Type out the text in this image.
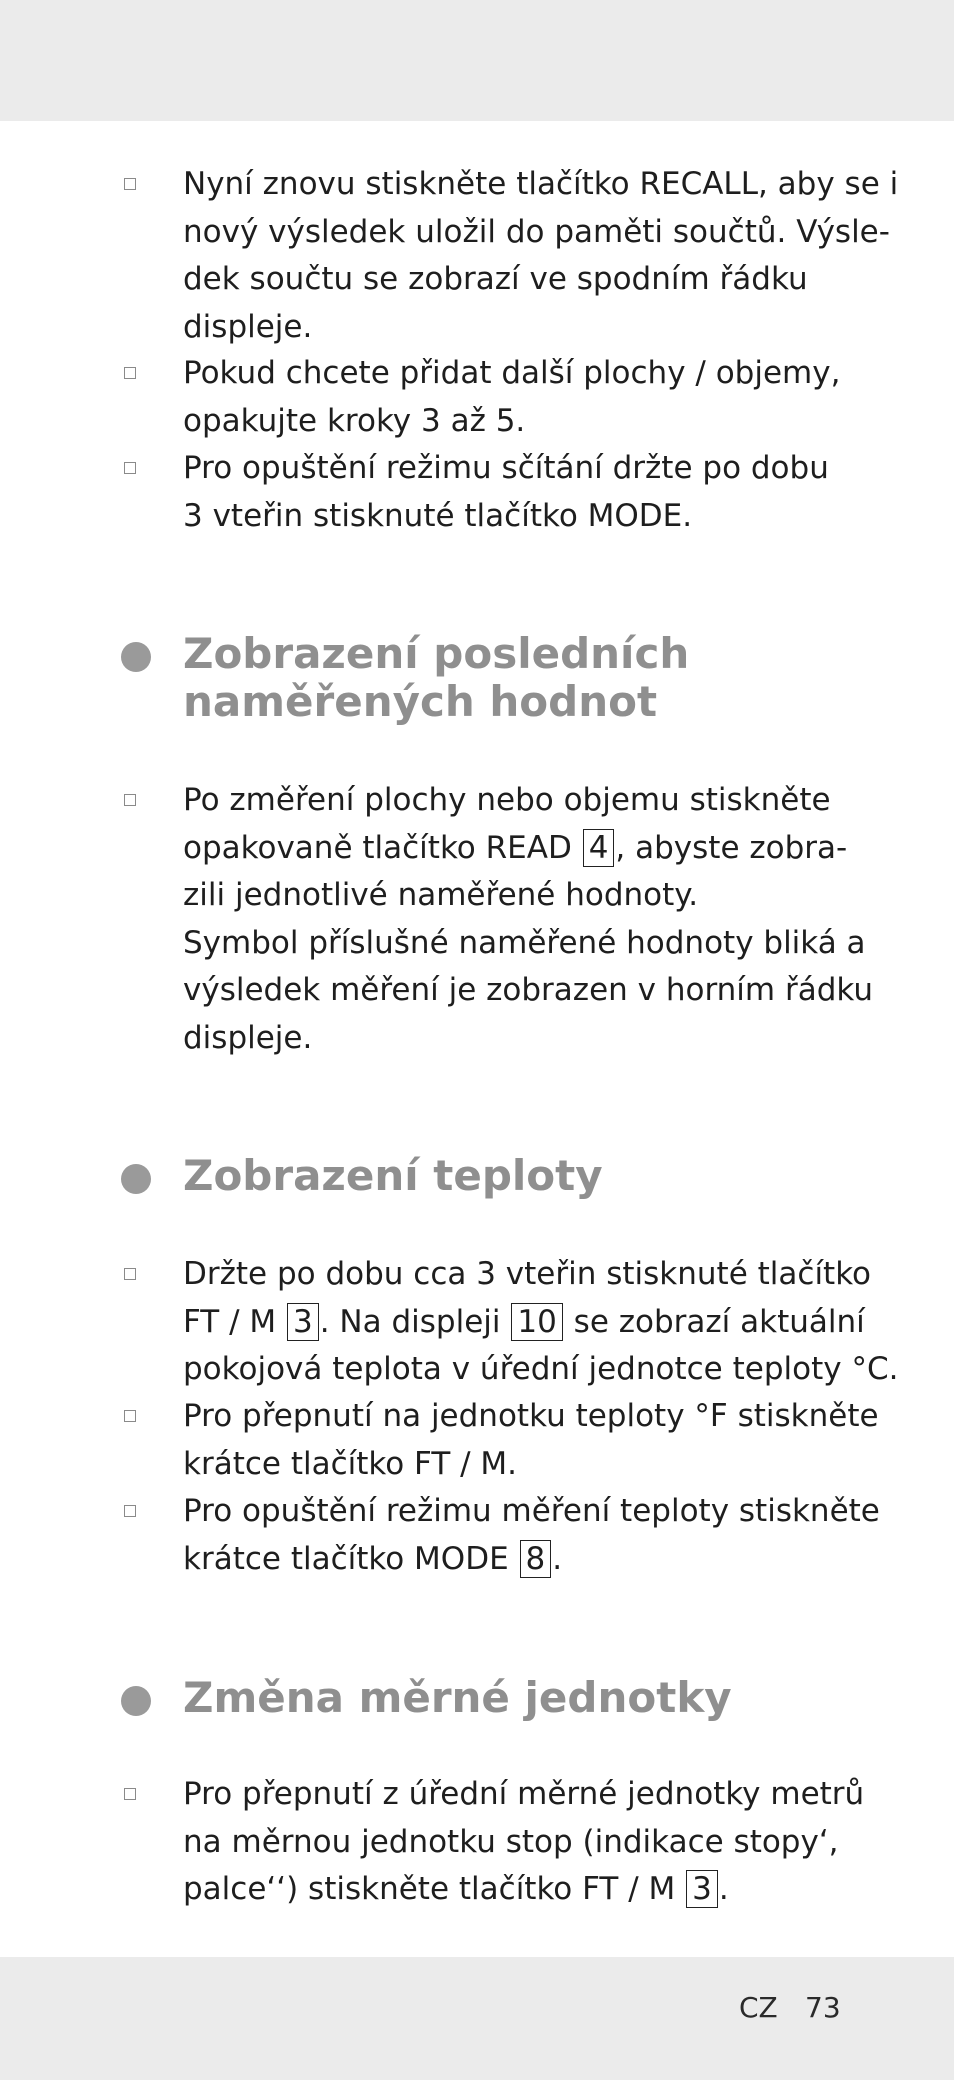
Nyní znovu stiskněte tlačítko RECALL, aby se i
nový výsledek uložil do paměti součtů. Výsle-
dek součtu se zobrazí ve spodním řádku
displeje.
Pokud chcete přidat další plochy / objemy,
opakujte kroky 3 až 5.
Pro opuštění režimu sčítání držte po dobu
3 vteřin stisknuté tlačítko MODE.
Zobrazení posledních
naměřených hodnot
Po změření plochy nebo objemu stiskněte
opakovaně tlačítko READ 4 , abyste zobra-
zili jednotlivé naměřené hodnoty.
Symbol příslušné naměřené hodnoty bliká a
výsledek měření je zobrazen v horním řádku
displeje.
Zobrazení teploty
Držte po dobu cca 3 vteřin stisknuté tlačítko
FT / M 3 . Na displeji 10 se zobrazí aktuální
pokojová teplota v úřední jednotce teploty °C.
Pro přepnutí na jednotku teploty °F stiskněte
krátce tlačítko FT / M.
Pro opuštění režimu měření teploty stiskněte
krátce tlačítko MODE 8 .
Změna měrné jednotky
Pro přepnutí z úřední měrné jednotky metrů
na měrnou jednotku stop (indikace stopy‘,
palce‘‘) stiskněte tlačítko FT / M 3 .
CZ 73
